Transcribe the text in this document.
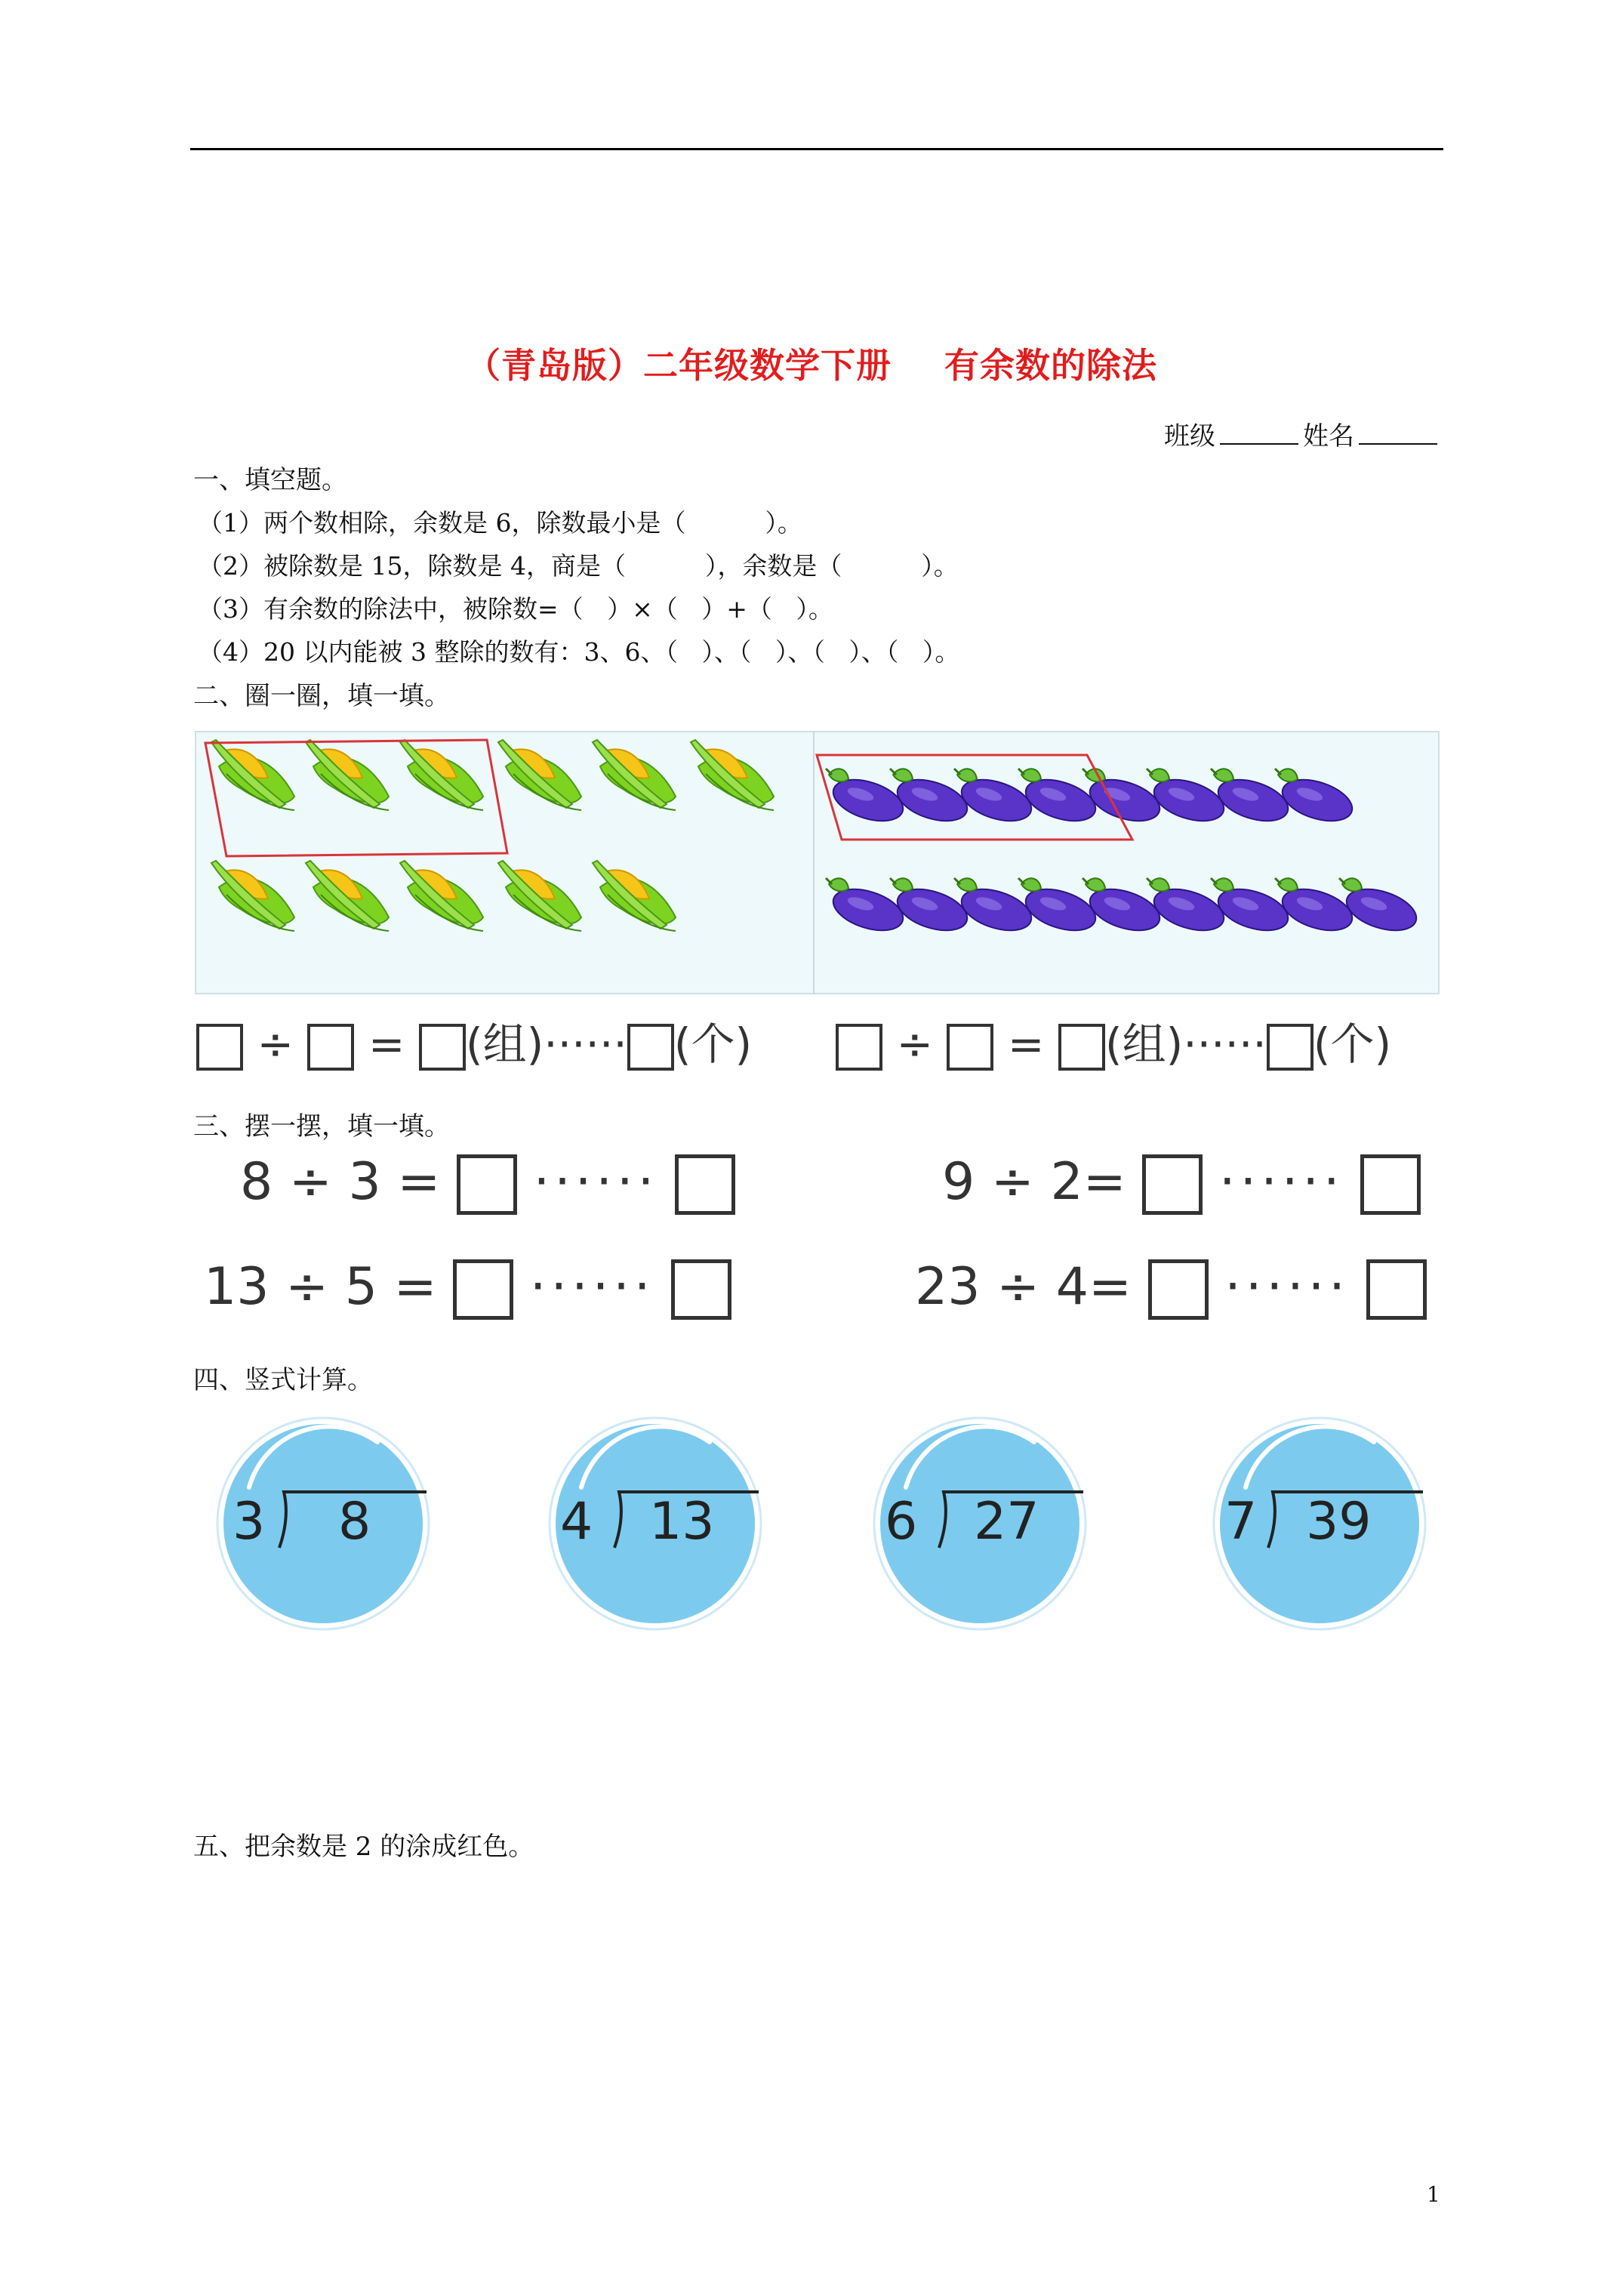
（青岛版）二年级数学下册 有余数的除法
班级	姓名
一、填空题。
（1）两个数相除，余数是 6，除数最小是（          ）。
（2）被除数是 15，除数是 4，商是（          ），余数是（          ）。
（3）有余数的除法中，被除数=（   ）×（   ）+（   ）。
（4）20 以内能被 3 整除的数有：3、6、（   ）、（   ）、（   ）、（   ）。
二、圈一圈，填一填。
÷ = (组)······ (个)	÷ = (组)······ (个)
三、摆一摆，填一填。
8 ÷ 3 = ······	9 ÷ 2= ······
13 ÷ 5 = ······	23 ÷ 4= ······
四、竖式计算。
3 8	4 13	6 27	7 39
五、把余数是 2 的涂成红色。
1
